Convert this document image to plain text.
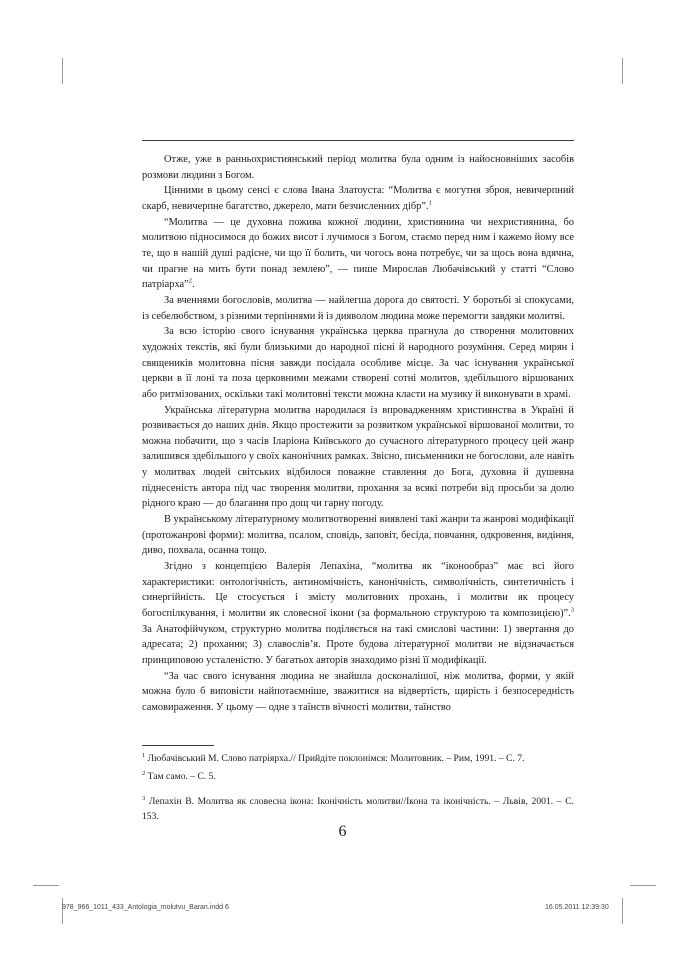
Отже, уже в ранньохристиянський період молитва була одним із найосновніших засобів розмови людини з Богом.

Цінними в цьому сенсі є слова Івана Златоуста: “Молитва є могутня зброя, невичерпний скарб, невичерпне багатство, джерело, мати безчисленних дібр”.$^1$

“Молитва — це духовна пожива кожної людини, християнина чи нехристиянина, бо молитвою підносимося до божих висот і лучимося з Богом, стаємо перед ним і кажемо йому все те, що в нашій душі радісне, чи що її болить, чи чогось вона потребує, чи за щось вона вдячна, чи прагне на мить бути понад землею”, — пише Мирослав Любачівський у статті “Слово патріарха”$^2$.

За вченнями богословів, молитва — найлегша дорога до святості. У боротьбі зі спокусами, із себелюбством, з різними терпіннями й із дияволом людина може перемогти завдяки молитві.

За всю історію свого існування українська церква прагнула до створення молитовних художніх текстів, які були близькими до народної пісні й народного розуміння. Серед мирян і священиків молитовна пісня завжди посідала особливе місце. За час існування української церкви в її лоні та поза церковними межами створені сотні молитов, здебільшого віршованих або ритмізованих, оскільки такі молитовні тексти можна класти на музику й виконувати в храмі.

Українська літературна молитва народилася із впровадженням християнства в Україні й розвивається до наших днів. Якщо простежити за розвитком української віршованої молитви, то можна побачити, що з часів Іларіона Київського до сучасного літературного процесу цей жанр залишився здебільшого у своїх канонічних рамках. Звісно, письменники не богослови, але навіть у молитвах людей світських відбилося поважне ставлення до Бога, духовна й душевна піднесеність автора під час творення молитви, прохання за всякі потреби від просьби за долю рідного краю — до благання про дощ чи гарну погоду.

В українському літературному молитвотворенні виявлені такі жанри та жанрові модифікації (протожанрові форми): молитва, псалом, сповідь, заповіт, бесіда, повчання, одкровення, видіння, диво, похвала, осанна тощо.

Згідно з концепцією Валерія Лепахіна, “молитва як “іконообраз” має всі його характеристики: онтологічність, антиномічність, канонічність, символічність, синтетичність і синергійність. Це стосується і змісту молитовних прохань, і молитви як процесу богоспілкування, і молитви як словесної ікони (за формальною структурою та композицією)”.$^3$ За Анатофійчуком, структурно молитва поділяється на такі смислові частини: 1) звертання до адресата; 2) прохання; 3) славослів’я. Проте будова літературної молитви не відзначається принциповою усталеністю. У багатьох авторів знаходимо різні її модифікації.

“За час свого існування людина не знайшла досконалішої, ніж молитва, форми, у якій можна було б виповісти найпотаємніше, зважитися на відвертість, щирість і безпосередність самовираження. У цьому — одне з таїнств вічності молитви, таїнство

$^1$ Любачівський М. Слово патріярха.// Прийдіте поклонімся: Молитовник. – Рим, 1991. – С. 7.

$^2$ Там само. – С. 5.

$^3$ Лепахін В. Молитва як словесна ікона: Іконічність молитви//Ікона та іконічність. – Львів, 2001. – С. 153.

6
978_966_1011_433_Antologia_molutvu_Baran.indd 6	16.05.2011 12:39:30
